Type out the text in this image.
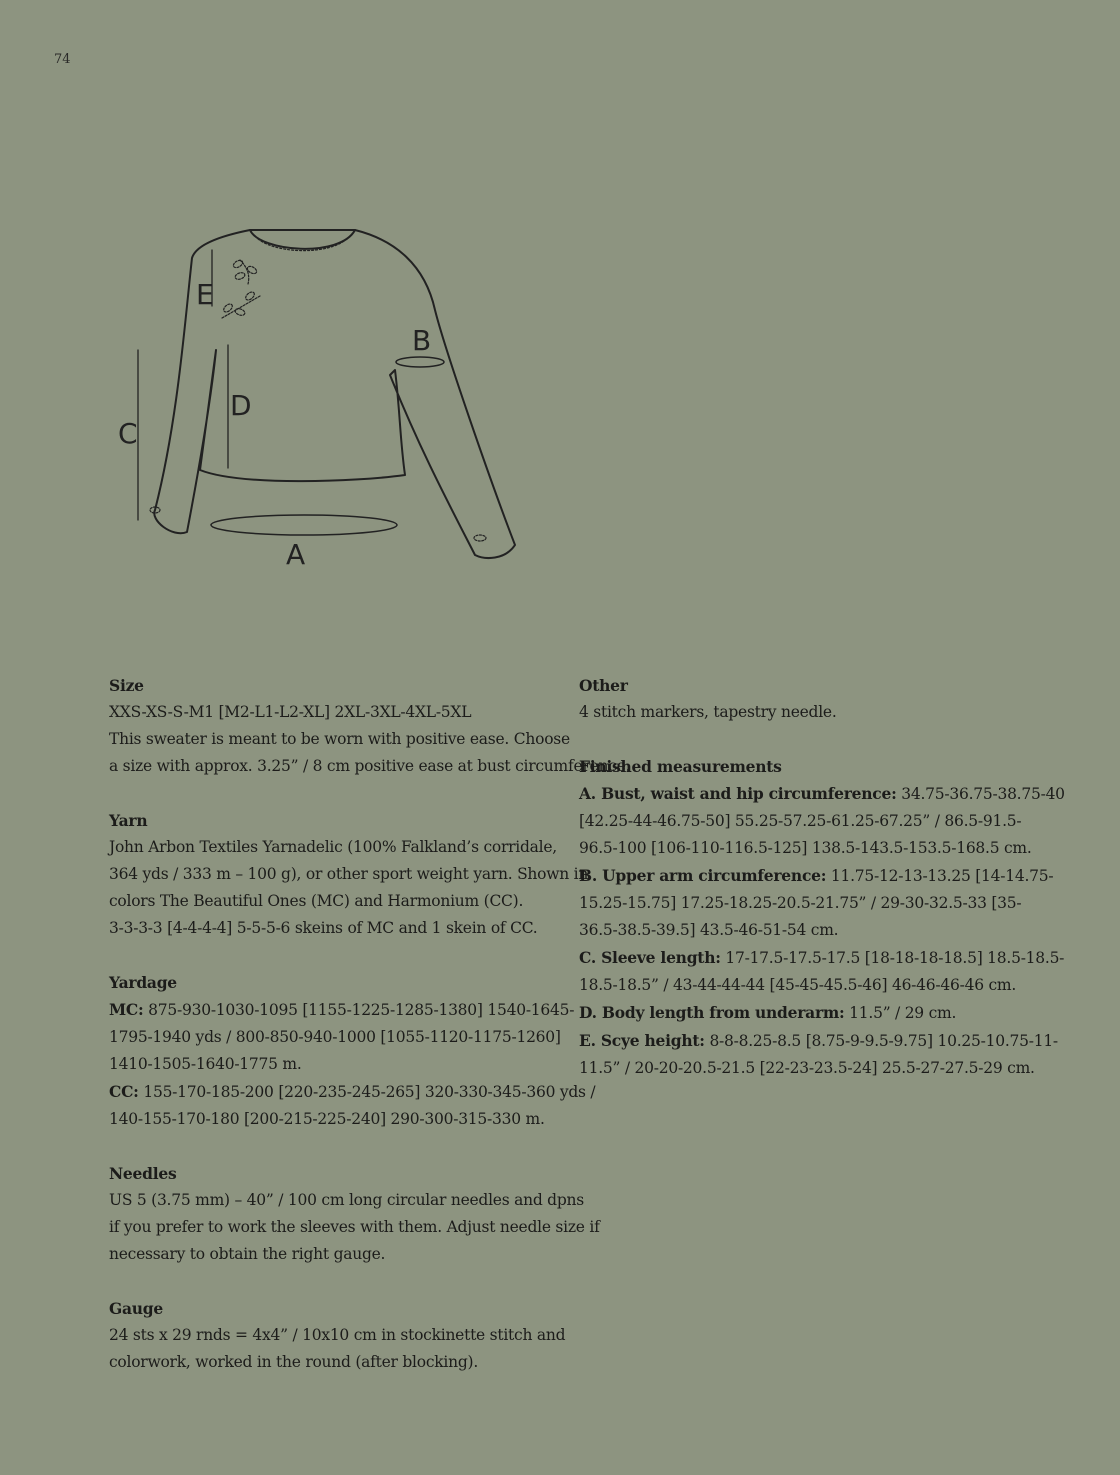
74
E
B
D
C
A
Size
XXS-XS-S-M1 [M2-L1-L2-XL] 2XL-3XL-4XL-5XL
This sweater is meant to be worn with positive ease. Choose
a size with approx. 3.25” / 8 cm positive ease at bust circumference.
Yarn
John Arbon Textiles Yarnadelic (100% Falkland’s corridale,
364 yds / 333 m – 100 g), or other sport weight yarn. Shown in
colors The Beautiful Ones (MC) and Harmonium (CC).
3-3-3-3 [4-4-4-4] 5-5-5-6 skeins of MC and 1 skein of CC.
Yardage
MC: 875-930-1030-1095 [1155-1225-1285-1380] 1540-1645-
1795-1940 yds / 800-850-940-1000 [1055-1120-1175-1260]
1410-1505-1640-1775 m.
CC: 155-170-185-200 [220-235-245-265] 320-330-345-360 yds /
140-155-170-180 [200-215-225-240] 290-300-315-330 m.
Needles
US 5 (3.75 mm) – 40” / 100 cm long circular needles and dpns
if you prefer to work the sleeves with them. Adjust needle size if
necessary to obtain the right gauge.
Gauge
24 sts x 29 rnds = 4x4” / 10x10 cm in stockinette stitch and
colorwork, worked in the round (after blocking).
Other
4 stitch markers, tapestry needle.
Finished measurements
A. Bust, waist and hip circumference: 34.75-36.75-38.75-40
[42.25-44-46.75-50] 55.25-57.25-61.25-67.25” / 86.5-91.5-
96.5-100 [106-110-116.5-125] 138.5-143.5-153.5-168.5 cm.
B. Upper arm circumference: 11.75-12-13-13.25 [14-14.75-
15.25-15.75] 17.25-18.25-20.5-21.75” / 29-30-32.5-33 [35-
36.5-38.5-39.5] 43.5-46-51-54 cm.
C. Sleeve length: 17-17.5-17.5-17.5 [18-18-18-18.5] 18.5-18.5-
18.5-18.5” / 43-44-44-44 [45-45-45.5-46] 46-46-46-46 cm.
D. Body length from underarm: 11.5” / 29 cm.
E. Scye height: 8-8-8.25-8.5 [8.75-9-9.5-9.75] 10.25-10.75-11-
11.5” / 20-20-20.5-21.5 [22-23-23.5-24] 25.5-27-27.5-29 cm.
